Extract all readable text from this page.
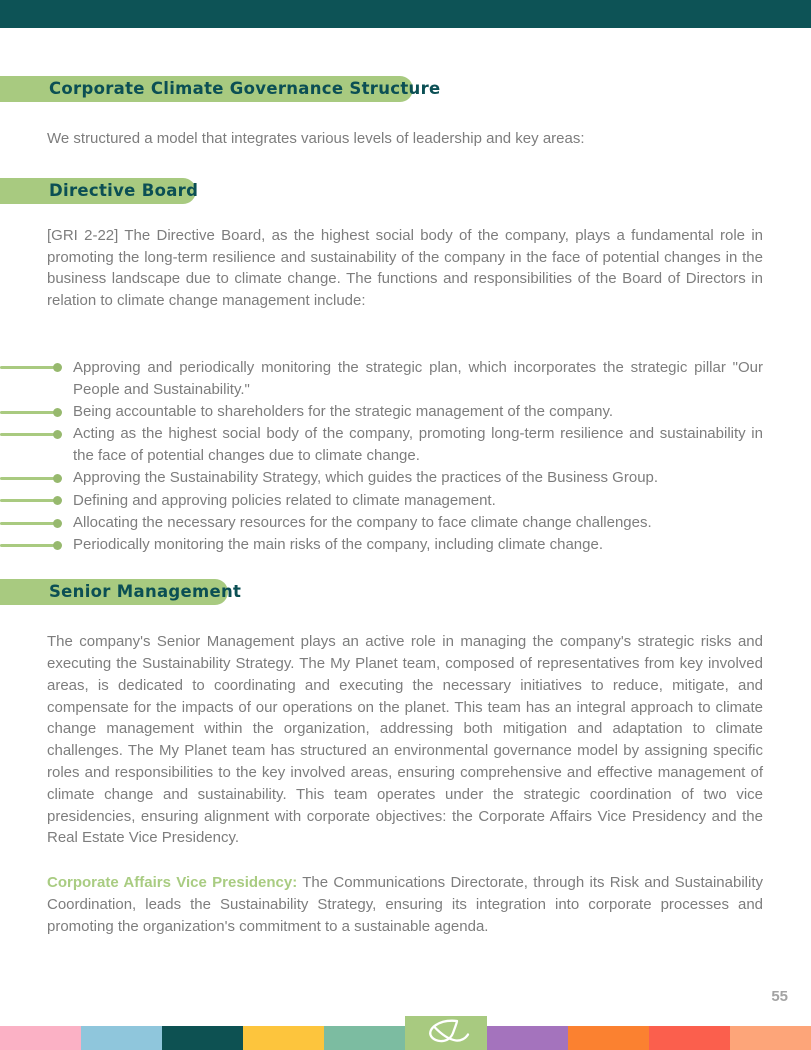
Corporate Climate Governance Structure

We structured a model that integrates various levels of leadership and key areas:

Directive Board

[GRI 2-22] The Directive Board, as the highest social body of the company, plays a fundamental role in promoting the long-term resilience and sustainability of the company in the face of potential changes in the business landscape due to climate change. The functions and responsibilities of the Board of Directors in relation to climate change management include:

Approving and periodically monitoring the strategic plan, which incorporates the strategic pillar "Our People and Sustainability."
Being accountable to shareholders for the strategic management of the company.
Acting as the highest social body of the company, promoting long-term resilience and sustainability in the face of potential changes due to climate change.
Approving the Sustainability Strategy, which guides the practices of the Business Group.
Defining and approving policies related to climate management.
Allocating the necessary resources for the company to face climate change challenges.
Periodically monitoring the main risks of the company, including climate change.
Senior Management

The company's Senior Management plays an active role in managing the company's strategic risks and executing the Sustainability Strategy. The My Planet team, composed of representatives from key involved areas, is dedicated to coordinating and executing the necessary initiatives to reduce, mitigate, and compensate for the impacts of our operations on the planet. This team has an integral approach to climate change management within the organization, addressing both mitigation and adaptation to climate challenges. The My Planet team has structured an environmental governance model by assigning specific roles and responsibilities to the key involved areas, ensuring comprehensive and effective management of climate change and sustainability. This team operates under the strategic coordination of two vice presidencies, ensuring alignment with corporate objectives: the Corporate Affairs Vice Presidency and the Real Estate Vice Presidency.

Corporate Affairs Vice Presidency: The Communications Directorate, through its Risk and Sustainability Coordination, leads the Sustainability Strategy, ensuring its integration into corporate processes and promoting the organization's commitment to a sustainable agenda.

55
